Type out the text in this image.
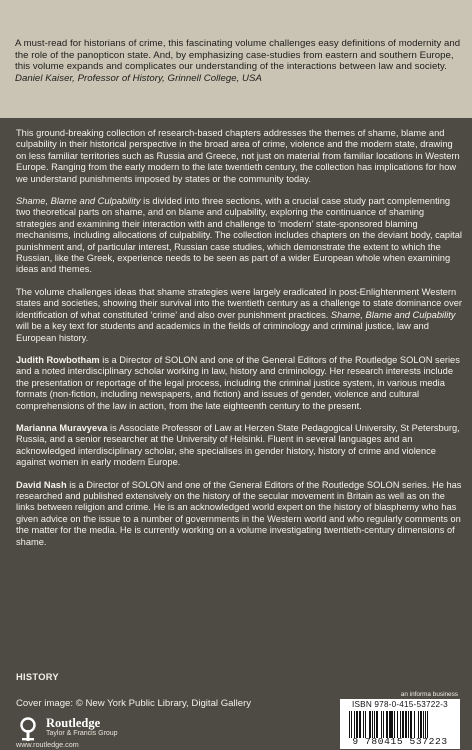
A must-read for historians of crime, this fascinating volume challenges easy definitions of modernity and the role of the panopticon state. And, by emphasizing case-studies from eastern and southern Europe, this volume expands and complicates our understanding of the interactions between law and society.
Daniel Kaiser, Professor of History, Grinnell College, USA

This ground-breaking collection of research-based chapters addresses the themes of shame, blame and culpability in their historical perspective in the broad area of crime, violence and the modern state, drawing on less familiar territories such as Russia and Greece, not just on material from familiar locations in Western Europe. Ranging from the early modern to the late twentieth century, the collection has implications for how we understand punishments imposed by states or the community today.

Shame, Blame and Culpability is divided into three sections, with a crucial case study part complementing two theoretical parts on shame, and on blame and culpability, exploring the continuance of shaming strategies and examining their interaction with and challenge to ‘modern’ state-sponsored blaming mechanisms, including allocations of culpability. The collection includes chapters on the deviant body, capital punishment and, of particular interest, Russian case studies, which demonstrate the extent to which the Russian, like the Greek, experience needs to be seen as part of a wider European whole when examining ideas and themes.

The volume challenges ideas that shame strategies were largely eradicated in post-Enlightenment Western states and societies, showing their survival into the twentieth century as a challenge to state dominance over identification of what constituted ‘crime’ and also over punishment practices. Shame, Blame and Culpability will be a key text for students and academics in the fields of criminology and criminal justice, law and European history.

Judith Rowbotham is a Director of SOLON and one of the General Editors of the Routledge SOLON series and a noted interdisciplinary scholar working in law, history and criminology. Her research interests include the presentation or reportage of the legal process, including the criminal justice system, in various media formats (non-fiction, including newspapers, and fiction) and issues of gender, violence and cultural comprehensions of the law in action, from the late eighteenth century to the present.

Marianna Muravyeva is Associate Professor of Law at Herzen State Pedagogical University, St Petersburg, Russia, and a senior researcher at the University of Helsinki. Fluent in several languages and an acknowledged interdisciplinary scholar, she specialises in gender history, history of crime and violence against women in early modern Europe.

David Nash is a Director of SOLON and one of the General Editors of the Routledge SOLON series. He has researched and published extensively on the history of the secular movement in Britain as well as on the links between religion and crime. He is an acknowledged world expert on the history of blasphemy who has given advice on the issue to a number of governments in the Western world and who regularly comments on the matter for the media. He is currently working on a volume investigating twentieth-century dimensions of shame.

HISTORY
Cover image: © New York Public Library, Digital Gallery
Routledge
Taylor & Francis Group
www.routledge.com
an informa business
ISBN 978-0-415-53722-3
9 780415 537223
